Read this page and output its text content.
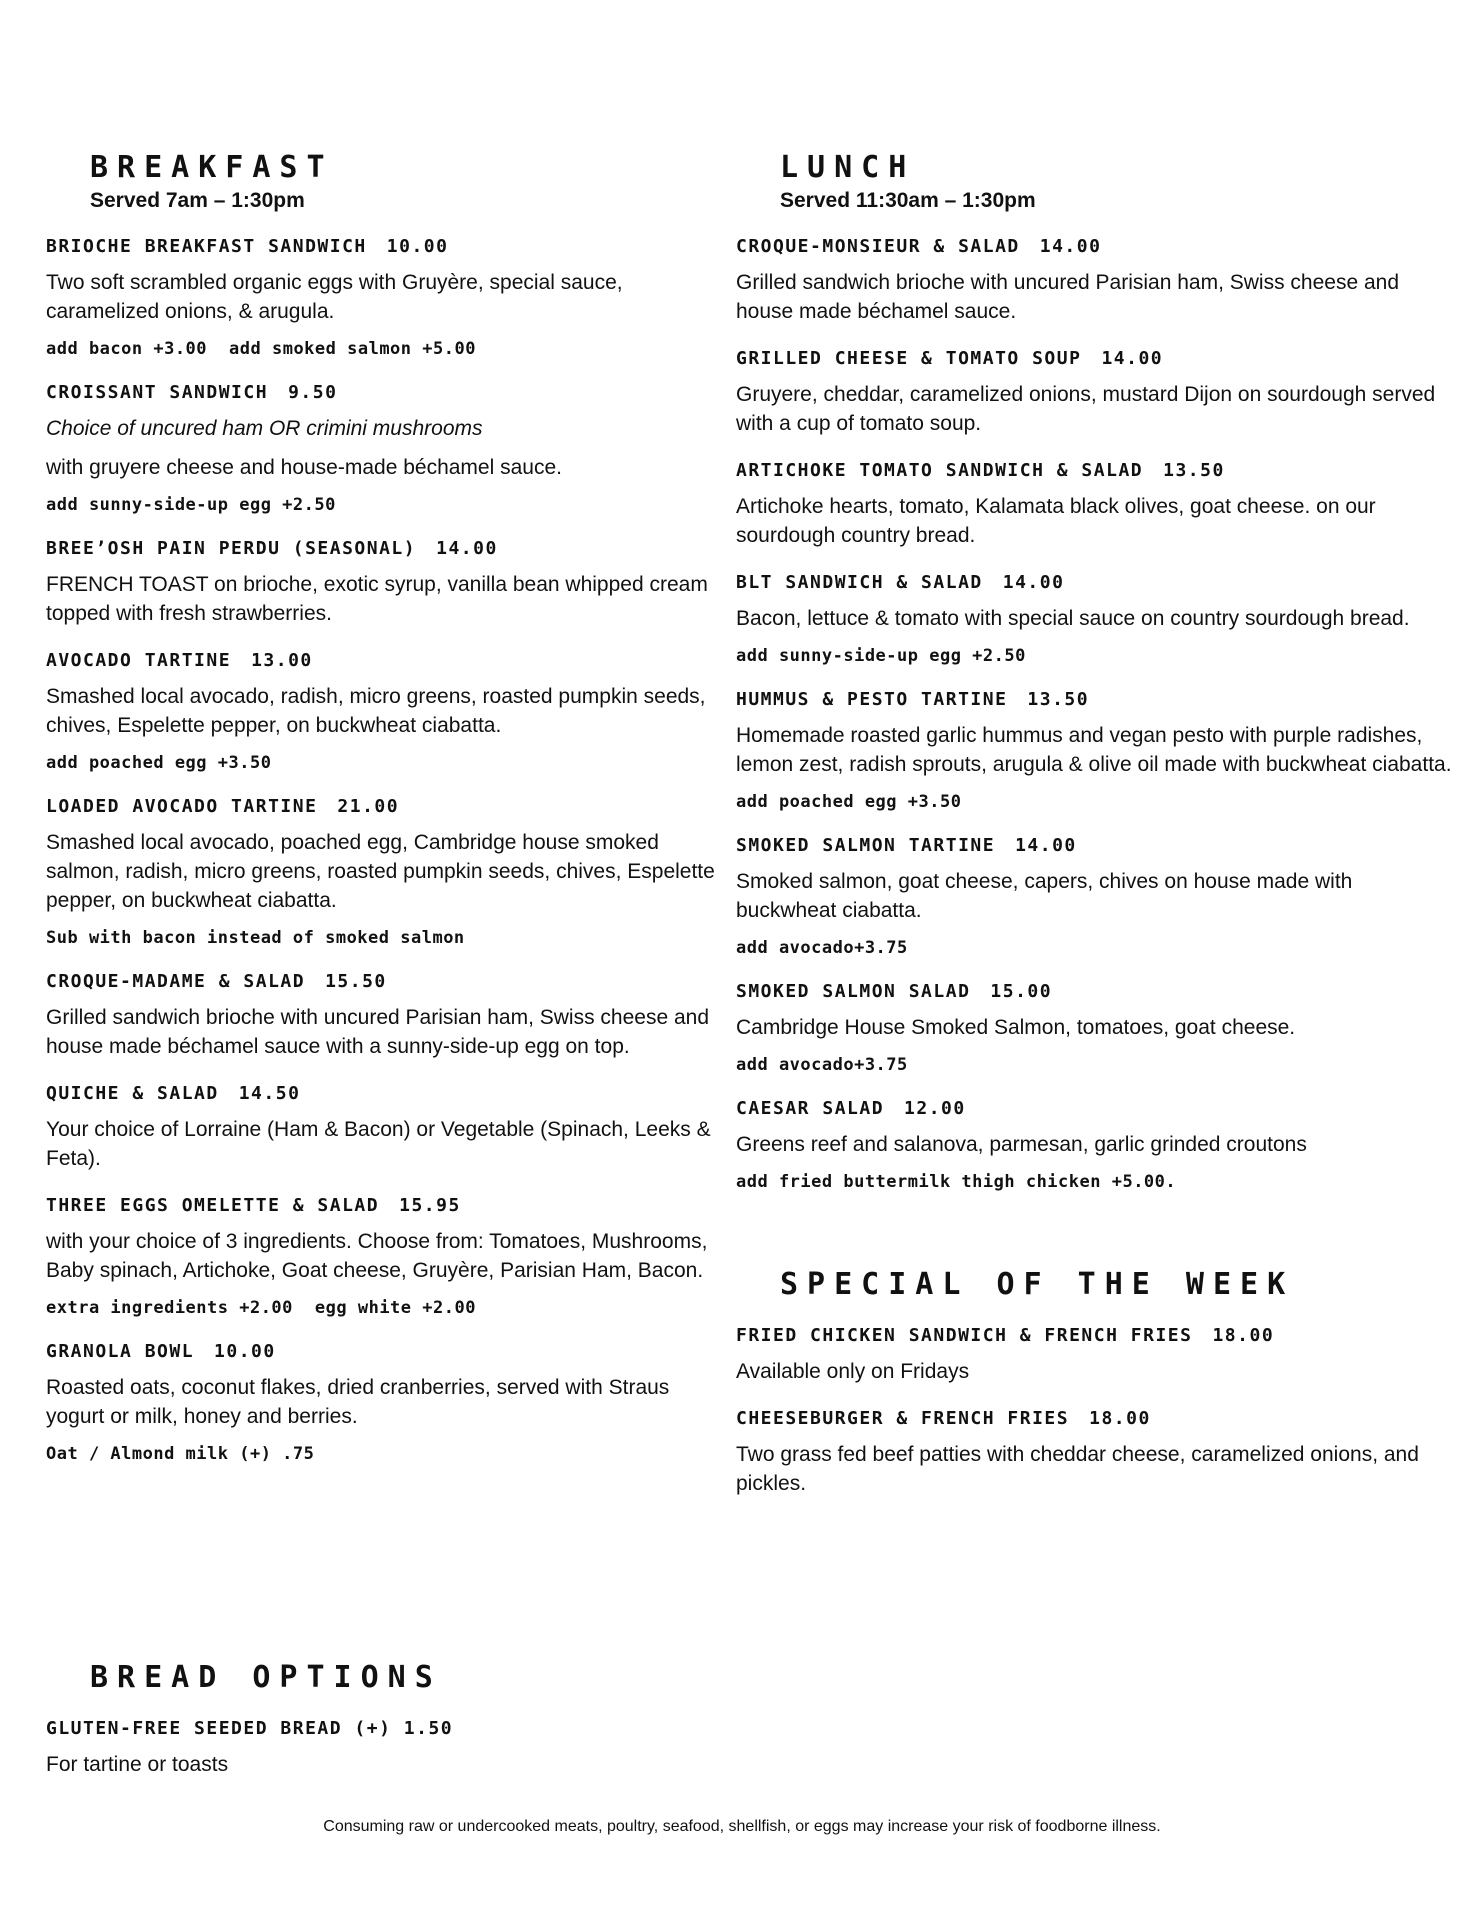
BREAKFAST
Served 7am – 1:30pm
BRIOCHE BREAKFAST SANDWICH 10.00
Two soft scrambled organic eggs with Gruyère, special sauce, caramelized onions, & arugula.
add bacon +3.00 add smoked salmon +5.00
CROISSANT SANDWICH 9.50
Choice of uncured ham OR crimini mushrooms
with gruyere cheese and house-made béchamel sauce.
add sunny-side-up egg +2.50
BREE’OSH PAIN PERDU (SEASONAL) 14.00
FRENCH TOAST on brioche, exotic syrup, vanilla bean whipped cream topped with fresh strawberries.
AVOCADO TARTINE 13.00
Smashed local avocado, radish, micro greens, roasted pumpkin seeds, chives, Espelette pepper, on buckwheat ciabatta.
add poached egg +3.50
LOADED AVOCADO TARTINE 21.00
Smashed local avocado, poached egg, Cambridge house smoked salmon, radish, micro greens, roasted pumpkin seeds, chives, Espelette pepper, on buckwheat ciabatta.
Sub with bacon instead of smoked salmon
CROQUE-MADAME & SALAD 15.50
Grilled sandwich brioche with uncured Parisian ham, Swiss cheese and house made béchamel sauce with a sunny-side-up egg on top.
QUICHE & SALAD 14.50
Your choice of Lorraine (Ham & Bacon) or Vegetable (Spinach, Leeks & Feta).
THREE EGGS OMELETTE & SALAD 15.95
with your choice of 3 ingredients. Choose from: Tomatoes, Mushrooms, Baby spinach, Artichoke, Goat cheese, Gruyère, Parisian Ham, Bacon.
extra ingredients +2.00 egg white +2.00
GRANOLA BOWL 10.00
Roasted oats, coconut flakes, dried cranberries, served with Straus yogurt or milk, honey and berries.
Oat / Almond milk (+) .75
LUNCH
Served 11:30am – 1:30pm
CROQUE-MONSIEUR & SALAD 14.00
Grilled sandwich brioche with uncured Parisian ham, Swiss cheese and house made béchamel sauce.
GRILLED CHEESE & TOMATO SOUP 14.00
Gruyere, cheddar, caramelized onions, mustard Dijon on sourdough served with a cup of tomato soup.
ARTICHOKE TOMATO SANDWICH & SALAD 13.50
Artichoke hearts, tomato, Kalamata black olives, goat cheese. on our sourdough country bread.
BLT SANDWICH & SALAD 14.00
Bacon, lettuce & tomato with special sauce on country sourdough bread.
add sunny-side-up egg +2.50
HUMMUS & PESTO TARTINE 13.50
Homemade roasted garlic hummus and vegan pesto with purple radishes, lemon zest, radish sprouts, arugula & olive oil made with buckwheat ciabatta.
add poached egg +3.50
SMOKED SALMON TARTINE 14.00
Smoked salmon, goat cheese, capers, chives on house made with buckwheat ciabatta.
add avocado+3.75
SMOKED SALMON SALAD 15.00
Cambridge House Smoked Salmon, tomatoes, goat cheese.
add avocado+3.75
CAESAR SALAD 12.00
Greens reef and salanova, parmesan, garlic grinded croutons
add fried buttermilk thigh chicken +5.00.
SPECIAL OF THE WEEK
FRIED CHICKEN SANDWICH & FRENCH FRIES 18.00
Available only on Fridays
CHEESEBURGER & FRENCH FRIES 18.00
Two grass fed beef patties with cheddar cheese, caramelized onions, and pickles.
BREAD OPTIONS
GLUTEN-FREE SEEDED BREAD (+) 1.50
For tartine or toasts
Consuming raw or undercooked meats, poultry, seafood, shellfish, or eggs may increase your risk of foodborne illness.
